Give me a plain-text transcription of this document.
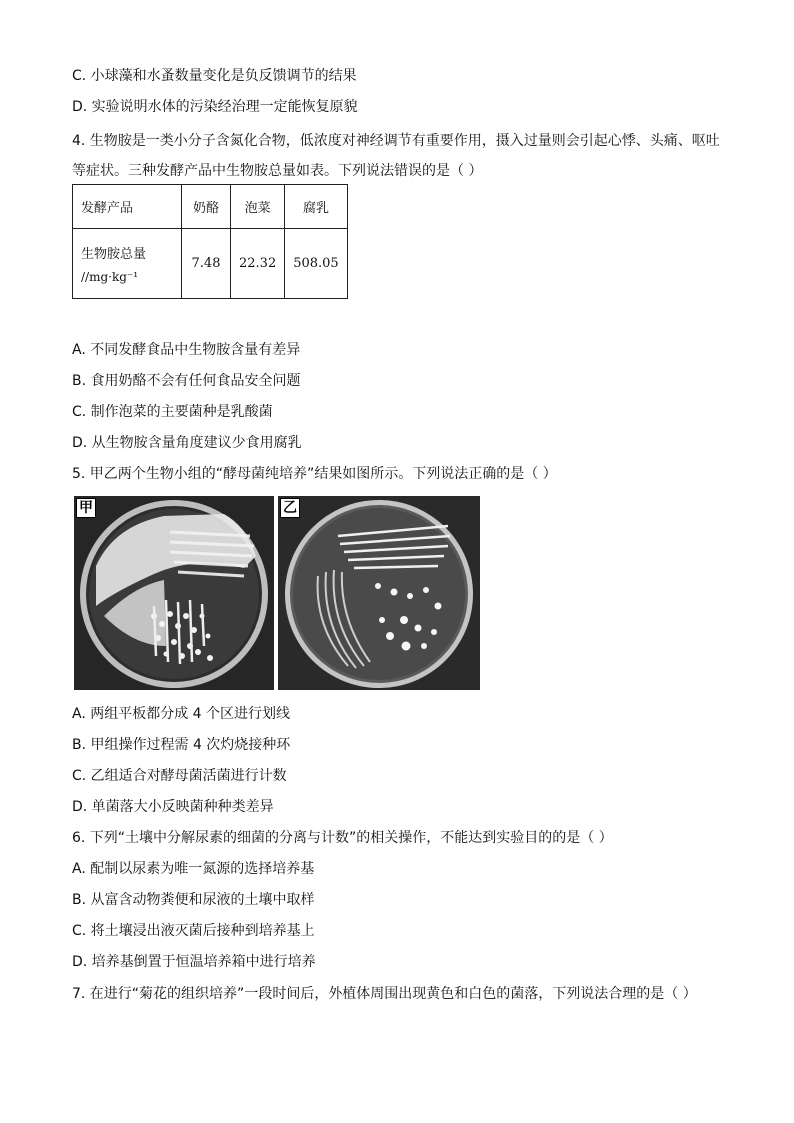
C. 小球藻和水蚤数量变化是负反馈调节的结果
D. 实验说明水体的污染经治理一定能恢复原貌
4. 生物胺是一类小分子含氮化合物，低浓度对神经调节有重要作用，摄入过量则会引起心悸、头痛、呕吐等症状。三种发酵产品中生物胺总量如表。下列说法错误的是（ ）
发酵产品	奶酪	泡菜	腐乳
生物胺总量
//mg·kg⁻¹	7.48	22.32	508.05
A. 不同发酵食品中生物胺含量有差异
B. 食用奶酪不会有任何食品安全问题
C. 制作泡菜的主要菌种是乳酸菌
D. 从生物胺含量角度建议少食用腐乳
5. 甲乙两个生物小组的“酵母菌纯培养”结果如图所示。下列说法正确的是（ ）
甲	乙
A. 两组平板都分成 4 个区进行划线
B. 甲组操作过程需 4 次灼烧接种环
C. 乙组适合对酵母菌活菌进行计数
D. 单菌落大小反映菌种种类差异
6. 下列“土壤中分解尿素的细菌的分离与计数”的相关操作，不能达到实验目的的是（ ）
A. 配制以尿素为唯一氮源的选择培养基
B. 从富含动物粪便和尿液的土壤中取样
C. 将土壤浸出液灭菌后接种到培养基上
D. 培养基倒置于恒温培养箱中进行培养
7. 在进行“菊花的组织培养”一段时间后，外植体周围出现黄色和白色的菌落，下列说法合理的是（ ）
